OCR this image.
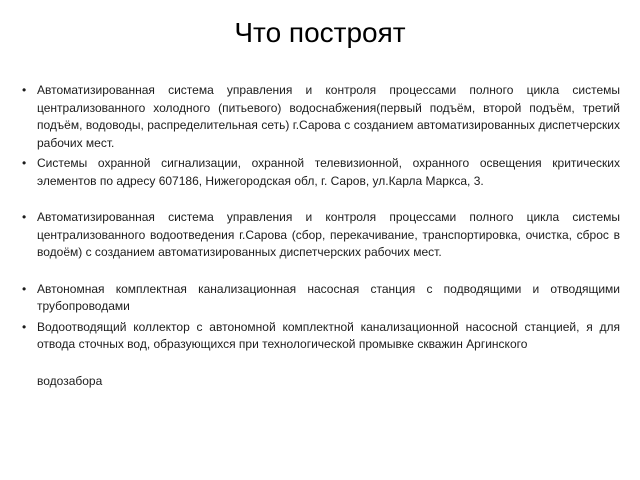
Что построят
• Автоматизированная система управления и контроля процессами полного цикла системы централизованного холодного (питьевого) водоснабжения(первый подъём, второй подъём, третий подъём, водоводы, распределительная сеть) г.Сарова с созданием автоматизированных диспетчерских рабочих мест.
• Системы охранной сигнализации, охранной телевизионной, охранного освещения критических элементов по адресу 607186, Нижегородская обл, г. Саров, ул.Карла Маркса, 3.
• Автоматизированная система управления и контроля процессами полного цикла системы централизованного водоотведения г.Сарова (сбор, перекачивание, транспортировка, очистка, сброс в водоём) с созданием автоматизированных диспетчерских рабочих мест.
• Автономная комплектная канализационная насосная станция с подводящими и отводящими трубопроводами
• Водоотводящий коллектор с автономной комплектной канализационной насосной станцией, я для отвода сточных вод, образующихся при технологической промывке скважин Аргинского
водозабора
